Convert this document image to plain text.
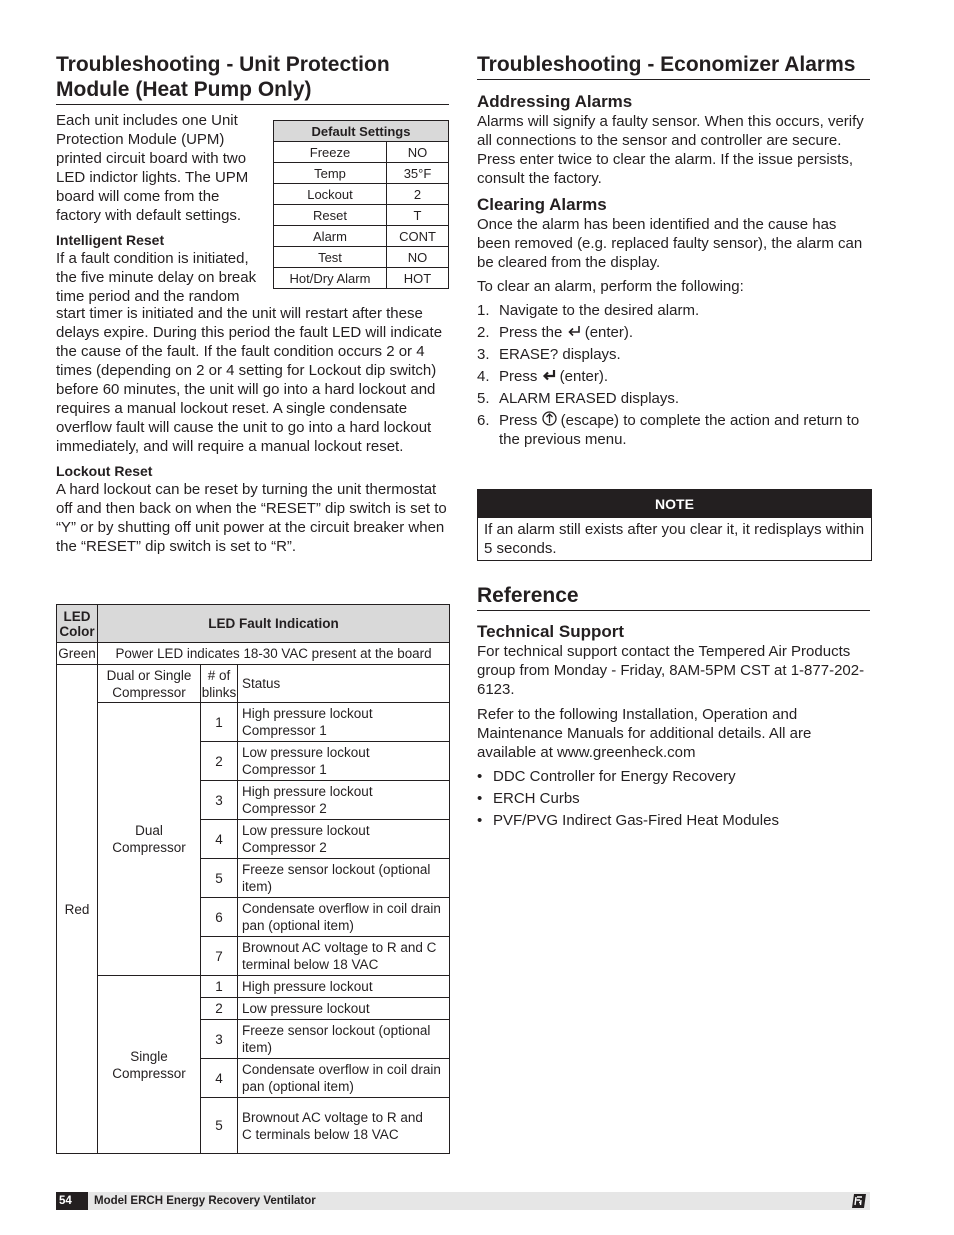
Troubleshooting - Unit Protection Module (Heat Pump Only)
Each unit includes one Unit
Protection Module (UPM)
printed circuit board with two
LED indictor lights. The UPM
board will come from the
factory with default settings.
Intelligent Reset
If a fault condition is initiated,
the five minute delay on break
time period and the random
Default Settings	
Freeze	NO
Temp	35°F
Lockout	2
Reset	T
Alarm	CONT
Test	NO
Hot/Dry Alarm	HOT

start timer is initiated and the unit will restart after these delays expire. During this period the fault LED will indicate the cause of the fault. If the fault condition occurs 2 or 4 times (depending on 2 or 4 setting for Lockout dip switch) before 60 minutes, the unit will go into a hard lockout and requires a manual lockout reset. A single condensate overflow fault will cause the unit to go into a hard lockout immediately, and will require a manual lockout reset.

Lockout Reset

A hard lockout can be reset by turning the unit thermostat off and then back on when the “RESET” dip switch is set to “Y” or by shutting off unit power at the circuit breaker when the “RESET” dip switch is set to “R”.

LED Color	LED Fault Indication		
Green	Power LED indicates 18-30 VAC present at the board		
Red	Dual or Single Compressor	# of blinks	Status
	Dual Compressor	1	High pressure lockout Compressor 1
		2	Low pressure lockout Compressor 1
		3	High pressure lockout Compressor 2
		4	Low pressure lockout Compressor 2
		5	Freeze sensor lockout (optional item)
		6	Condensate overflow in coil drain pan (optional item)
		7	Brownout AC voltage to R and C terminal below 18 VAC
	Single Compressor	1	High pressure lockout
		2	Low pressure lockout
		3	Freeze sensor lockout (optional item)
		4	Condensate overflow in coil drain pan (optional item)
		5	Brownout AC voltage to R and C terminals below 18 VAC
Troubleshooting - Economizer Alarms
Addressing Alarms

Alarms will signify a faulty sensor. When this occurs, verify all connections to the sensor and controller are secure. Press enter twice to clear the alarm. If the issue persists, consult the factory.

Clearing Alarms

Once the alarm has been identified and the cause has been removed (e.g. replaced faulty sensor), the alarm can be cleared from the display.

To clear an alarm, perform the following:

1. Navigate to the desired alarm.
2. Press the  (enter).
3. ERASE? displays.
4. Press  (enter).
5. ALARM ERASED displays.
6. Press  (escape) to complete the action and return to the previous menu.
NOTE
If an alarm still exists after you clear it, it redisplays within 5 seconds.
Reference
Technical Support

For technical support contact the Tempered Air Products group from Monday - Friday, 8AM-5PM CST at 1-877-202-6123.

Refer to the following Installation, Operation and Maintenance Manuals for additional details. All are available at www.greenheck.com

• DDC Controller for Energy Recovery
• ERCH Curbs
• PVF/PVG Indirect Gas-Fired Heat Modules
54 Model ERCH Energy Recovery Ventilator
